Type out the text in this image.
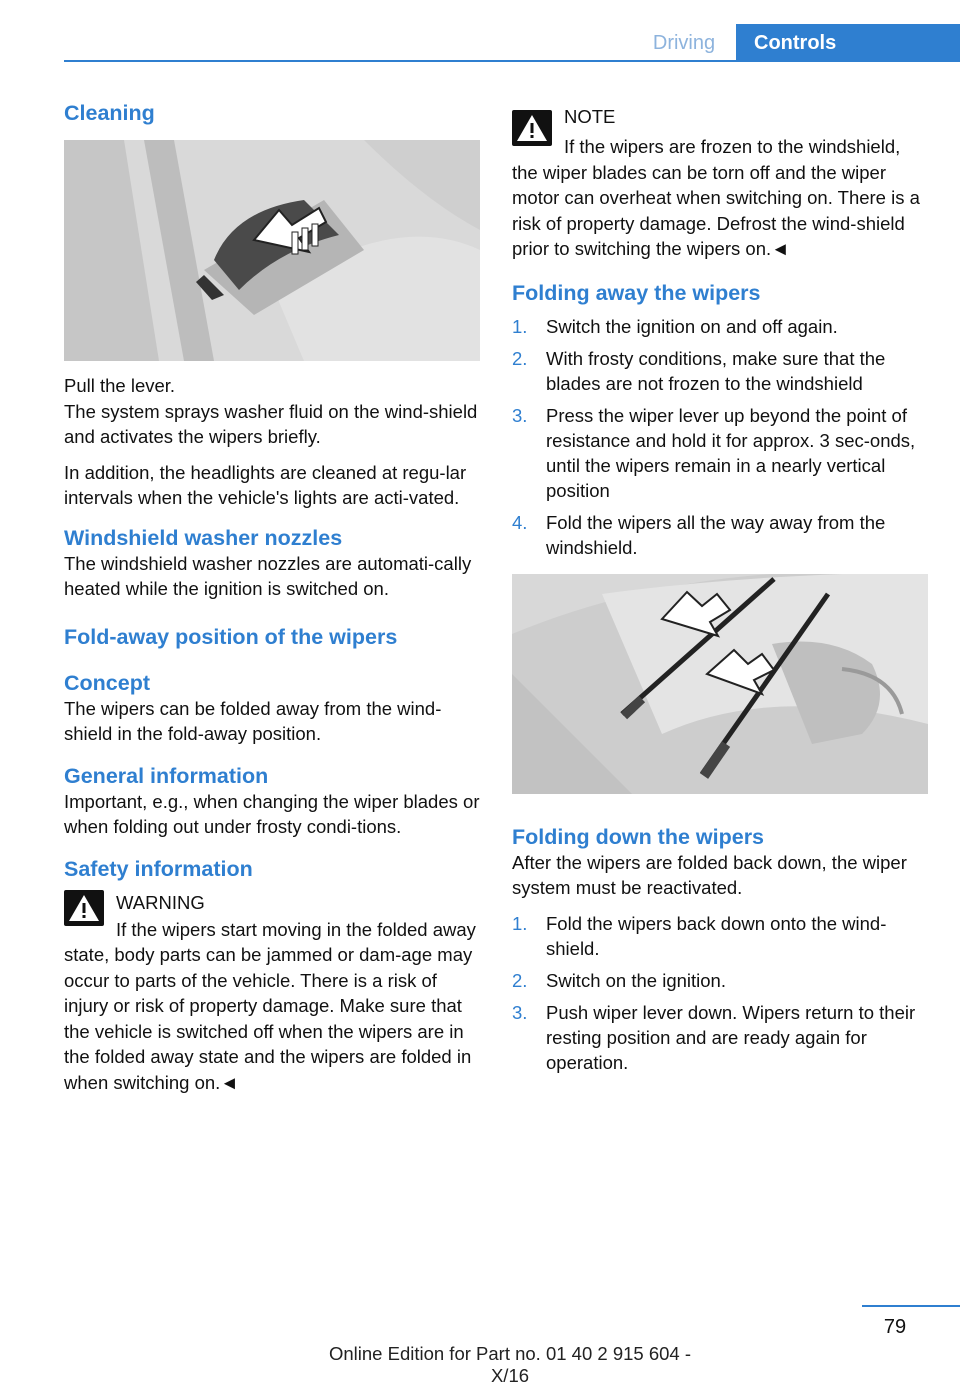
Driving	Controls
Cleaning

Pull the lever.

The system sprays washer fluid on the wind‐shield and activates the wipers briefly.

In addition, the headlights are cleaned at regu‐lar intervals when the vehicle's lights are acti‐vated.

Windshield washer nozzles

The windshield washer nozzles are automati‐cally heated while the ignition is switched on.

Fold-away position of the wipers
Concept

The wipers can be folded away from the wind‐shield in the fold-away position.

General information

Important, e.g., when changing the wiper blades or when folding out under frosty condi‐tions.

Safety information

WARNING

If the wipers start moving in the folded away state, body parts can be jammed or dam‐age may occur to parts of the vehicle. There is a risk of injury or risk of property damage. Make sure that the vehicle is switched off when the wipers are in the folded away state and the wipers are folded in when switching on.◄

NOTE

If the wipers are frozen to the windshield, the wiper blades can be torn off and the wiper motor can overheat when switching on. There is a risk of property damage. Defrost the wind‐shield prior to switching the wipers on.◄

Folding away the wipers
1. Switch the ignition on and off again.
2. With frosty conditions, make sure that the blades are not frozen to the windshield
3. Press the wiper lever up beyond the point of resistance and hold it for approx. 3 sec‐onds, until the wipers remain in a nearly vertical position
4. Fold the wipers all the way away from the windshield.
Folding down the wipers

After the wipers are folded back down, the wiper system must be reactivated.

1. Fold the wipers back down onto the wind‐shield.
2. Switch on the ignition.
3. Push wiper lever down. Wipers return to their resting position and are ready again for operation.
79
Online Edition for Part no. 01 40 2 915 604 - X/16
